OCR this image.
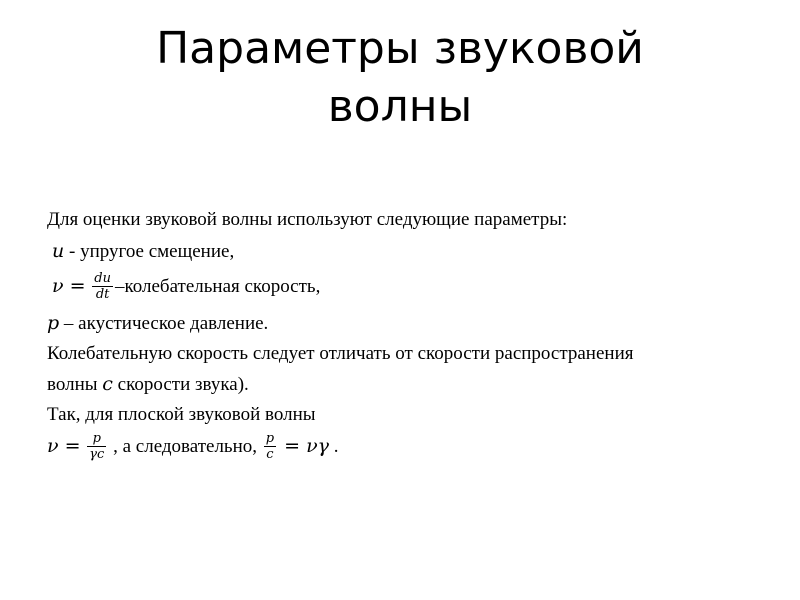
Параметры звуковой
волны
Для оценки звуковой волны используют следующие параметры:
u - упругое смещение,
$\nu = \frac{du}{dt}$ –колебательная скорость,
p – акустическое давление.
Колебательную скорость следует отличать от скорости распространения
волны c скорости звука).
Так, для плоской звуковой волны
$\nu = \frac{p}{\gamma c}$ , а следовательно, $\frac{p}{c} = \nu\gamma$ .
